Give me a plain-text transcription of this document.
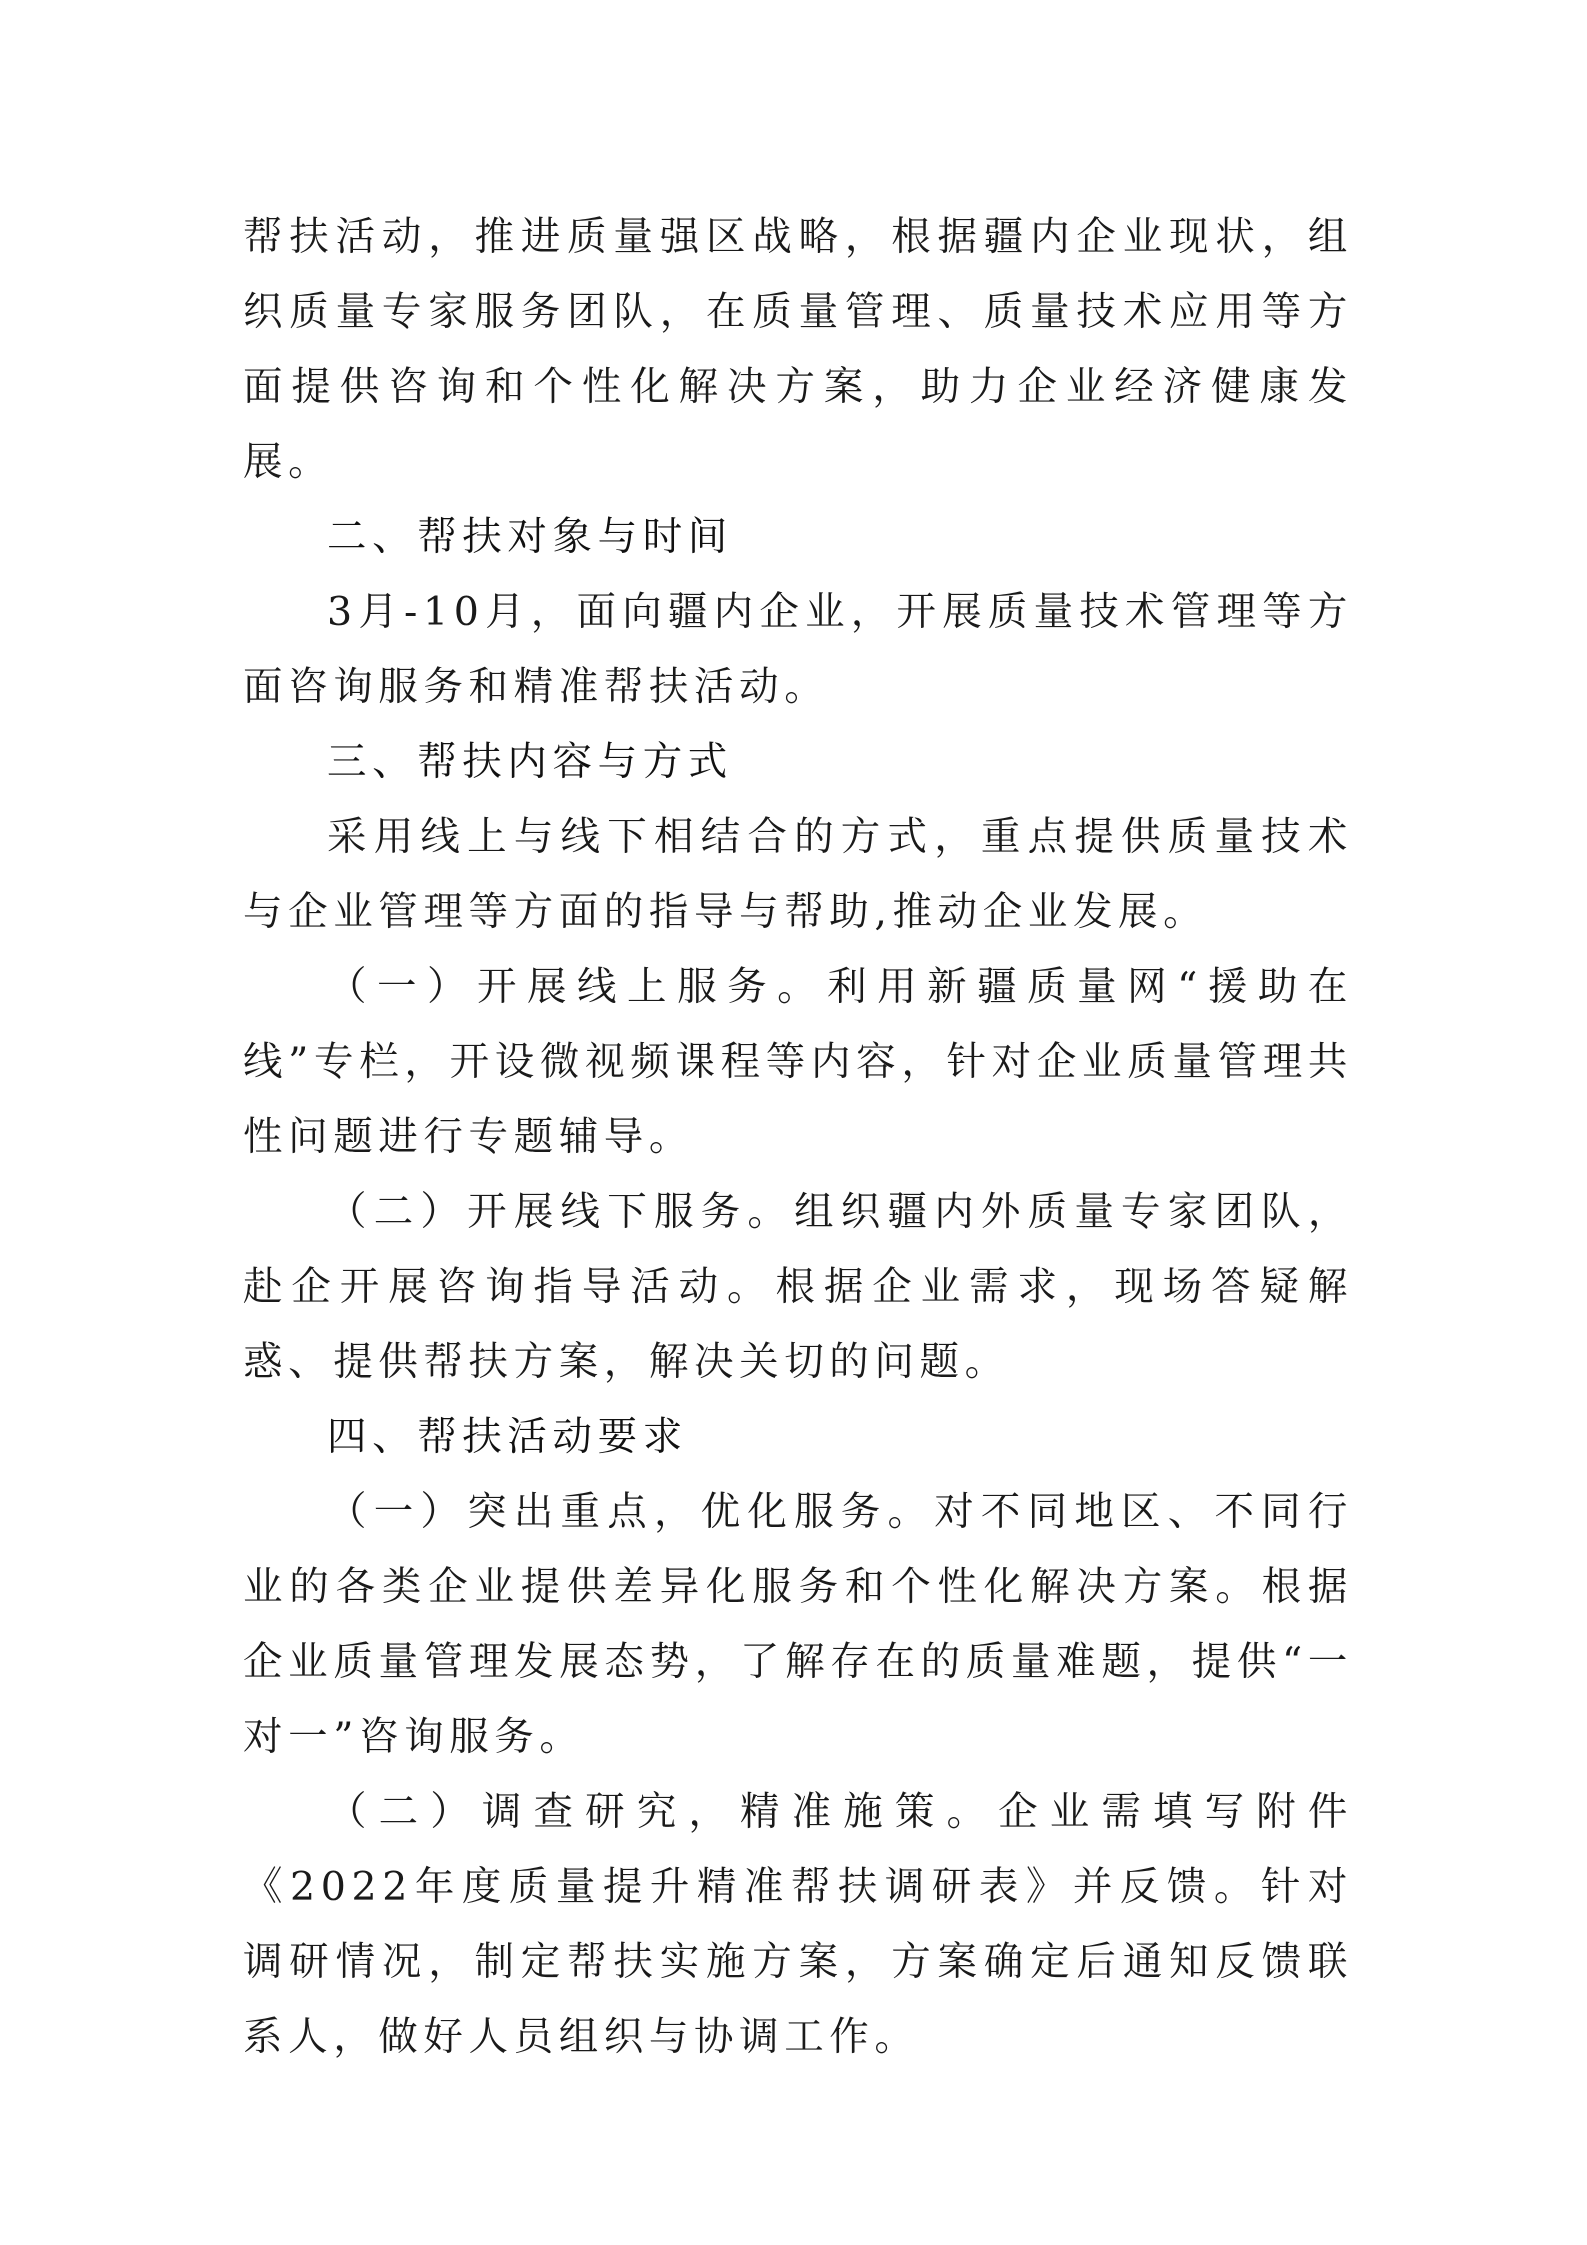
帮扶活动，推进质量强区战略，根据疆内企业现状，组织质量专家服务团队，在质量管理、质量技术应用等方面提供咨询和个性化解决方案，助力企业经济健康发展。

二、帮扶对象与时间

3月-10月，面向疆内企业，开展质量技术管理等方面咨询服务和精准帮扶活动。

三、帮扶内容与方式

采用线上与线下相结合的方式，重点提供质量技术与企业管理等方面的指导与帮助,推动企业发展。

（一）开展线上服务。利用新疆质量网“援助在线”专栏，开设微视频课程等内容，针对企业质量管理共性问题进行专题辅导。

（二）开展线下服务。组织疆内外质量专家团队，赴企开展咨询指导活动。根据企业需求，现场答疑解惑、提供帮扶方案，解决关切的问题。

四、帮扶活动要求

（一）突出重点，优化服务。对不同地区、不同行业的各类企业提供差异化服务和个性化解决方案。根据企业质量管理发展态势，了解存在的质量难题，提供“一对一”咨询服务。

（二）调查研究，精准施策。企业需填写附件《2022年度质量提升精准帮扶调研表》并反馈。针对调研情况，制定帮扶实施方案，方案确定后通知反馈联系人，做好人员组织与协调工作。
